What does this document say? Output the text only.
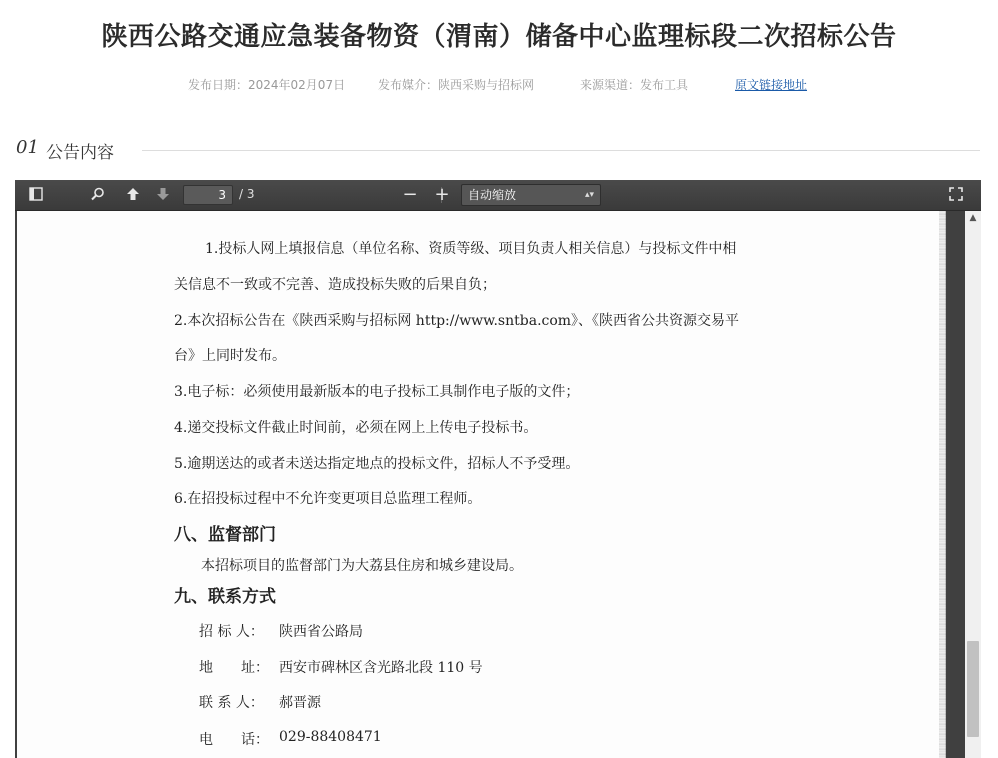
陕西公路交通应急装备物资（渭南）储备中心监理标段二次招标公告
发布日期：2024年02月07日	发布媒介：陕西采购与招标网	来源渠道：发布工具	原文链接地址
01 公告内容
3	/ 3	− +	自动缩放	▴▾
1.投标人网上填报信息（单位名称、资质等级、项目负责人相关信息）与投标文件中相
关信息不一致或不完善、造成投标失败的后果自负；
2.本次招标公告在《陕西采购与招标网 http://www.sntba.com》、《陕西省公共资源交易平
台》上同时发布。
3.电子标：必须使用最新版本的电子投标工具制作电子版的文件；
4.递交投标文件截止时间前，必须在网上上传电子投标书。
5.逾期送达的或者未送达指定地点的投标文件，招标人不予受理。
6.在招投标过程中不允许变更项目总监理工程师。
八、监督部门
本招标项目的监督部门为大荔县住房和城乡建设局。
九、联系方式
招 标 人： 陕西省公路局
地　　址： 西安市碑林区含光路北段 110 号
联 系 人： 郝晋源
电　　话： 029-88408471
▲
